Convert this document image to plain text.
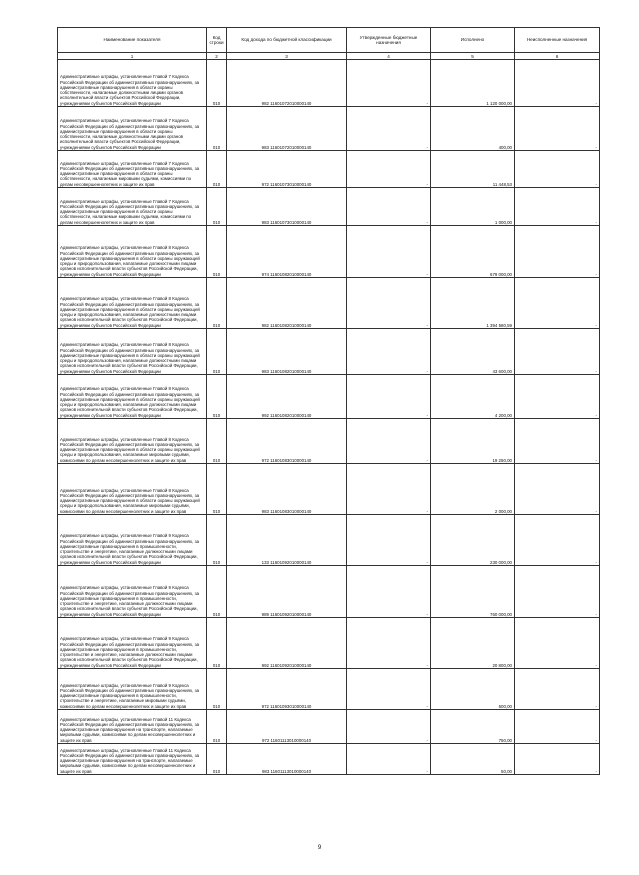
Наименование показателя	Код строки	Код дохода по бюджетной классификации	Утвержденные бюджетные назначения	Исполнено	Неисполненные назначения
1	2	3	4	5	6
Административные штрафы, установленные Главой 7 Кодекса Российской Федерации об административных правонарушениях, за административные правонарушения в области охраны собственности, налагаемые должностными лицами органов исполнительной власти субъектов Российской Федерации, учреждениями субъектов Российской Федерации	010	982 11601072010000140	-	1 120 000,00	-
Административные штрафы, установленные Главой 7 Кодекса Российской Федерации об административных правонарушениях, за административные правонарушения в области охраны собственности, налагаемые должностными лицами органов исполнительной власти субъектов Российской Федерации, учреждениями субъектов Российской Федерации	010	983 11601072010000140	-	400,00	-
Административные штрафы, установленные Главой 7 Кодекса Российской Федерации об административных правонарушениях, за административные правонарушения в области охраны собственности, налагаемые мировыми судьями, комиссиями по делам несовершеннолетних и защите их прав	010	972 11601073010000140	-	11 448,53	-
Административные штрафы, установленные Главой 7 Кодекса Российской Федерации об административных правонарушениях, за административные правонарушения в области охраны собственности, налагаемые мировыми судьями, комиссиями по делам несовершеннолетних и защите их прав	010	983 11601073010000140	-	1 000,00	-
Административные штрафы, установленные Главой 8 Кодекса Российской Федерации об административных правонарушениях, за административные правонарушения в области охраны окружающей среды и природопользования, налагаемые должностными лицами органов исполнительной власти субъектов Российской Федерации, учреждениями субъектов Российской Федерации	010	974 11601082010000140	-	679 000,00	-
Административные штрафы, установленные Главой 8 Кодекса Российской Федерации об административных правонарушениях, за административные правонарушения в области охраны окружающей среды и природопользования, налагаемые должностными лицами органов исполнительной власти субъектов Российской Федерации, учреждениями субъектов Российской Федерации	010	982 11601082010000140	-	1 394 580,59	-
Административные штрафы, установленные Главой 8 Кодекса Российской Федерации об административных правонарушениях, за административные правонарушения в области охраны окружающей среды и природопользования, налагаемые должностными лицами органов исполнительной власти субъектов Российской Федерации, учреждениями субъектов Российской Федерации	010	983 11601082010000140	-	43 600,00	-
Административные штрафы, установленные Главой 8 Кодекса Российской Федерации об административных правонарушениях, за административные правонарушения в области охраны окружающей среды и природопользования, налагаемые должностными лицами органов исполнительной власти субъектов Российской Федерации, учреждениями субъектов Российской Федерации	010	992 11601082010000140	-	4 200,00	-
Административные штрафы, установленные Главой 8 Кодекса Российской Федерации об административных правонарушениях, за административные правонарушения в области охраны окружающей среды и природопользования, налагаемые мировыми судьями, комиссиями по делам несовершеннолетних и защите их прав	010	972 11601083010000140	-	19 250,00	-
Административные штрафы, установленные Главой 8 Кодекса Российской Федерации об административных правонарушениях, за административные правонарушения в области охраны окружающей среды и природопользования, налагаемые мировыми судьями, комиссиями по делам несовершеннолетних и защите их прав	010	983 11601083010000140	-	2 000,00	-
Административные штрафы, установленные Главой 9 Кодекса Российской Федерации об административных правонарушениях, за административные правонарушения в промышленности, строительстве и энергетике, налагаемые должностными лицами органов исполнительной власти субъектов Российской Федерации, учреждениями субъектов Российской Федерации	010	133 11601092010000140	-	230 000,00	-
Административные штрафы, установленные Главой 9 Кодекса Российской Федерации об административных правонарушениях, за административные правонарушения в промышленности, строительстве и энергетике, налагаемые должностными лицами органов исполнительной власти субъектов Российской Федерации, учреждениями субъектов Российской Федерации	010	989 11601092010000140	-	760 000,00	-
Административные штрафы, установленные Главой 9 Кодекса Российской Федерации об административных правонарушениях, за административные правонарушения в промышленности, строительстве и энергетике, налагаемые должностными лицами органов исполнительной власти субъектов Российской Федерации, учреждениями субъектов Российской Федерации	010	992 11601092010000140	-	20 800,00	-
Административные штрафы, установленные Главой 9 Кодекса Российской Федерации об административных правонарушениях, за административные правонарушения в промышленности, строительстве и энергетике, налагаемые мировыми судьями, комиссиями по делам несовершеннолетних и защите их прав	010	972 11601093010000140	-	500,00	-
Административные штрафы, установленные Главой 11 Кодекса Российской Федерации об административных правонарушениях, за административные правонарушения на транспорте, налагаемые мировыми судьями, комиссиями по делам несовершеннолетних и защите их прав	010	972 11601113010000140	-	750,00	-
Административные штрафы, установленные Главой 11 Кодекса Российской Федерации об административных правонарушениях, за административные правонарушения на транспорте, налагаемые мировыми судьями, комиссиями по делам несовершеннолетних и защите их прав	010	983 11601113010000140	-	50,00	-
9
